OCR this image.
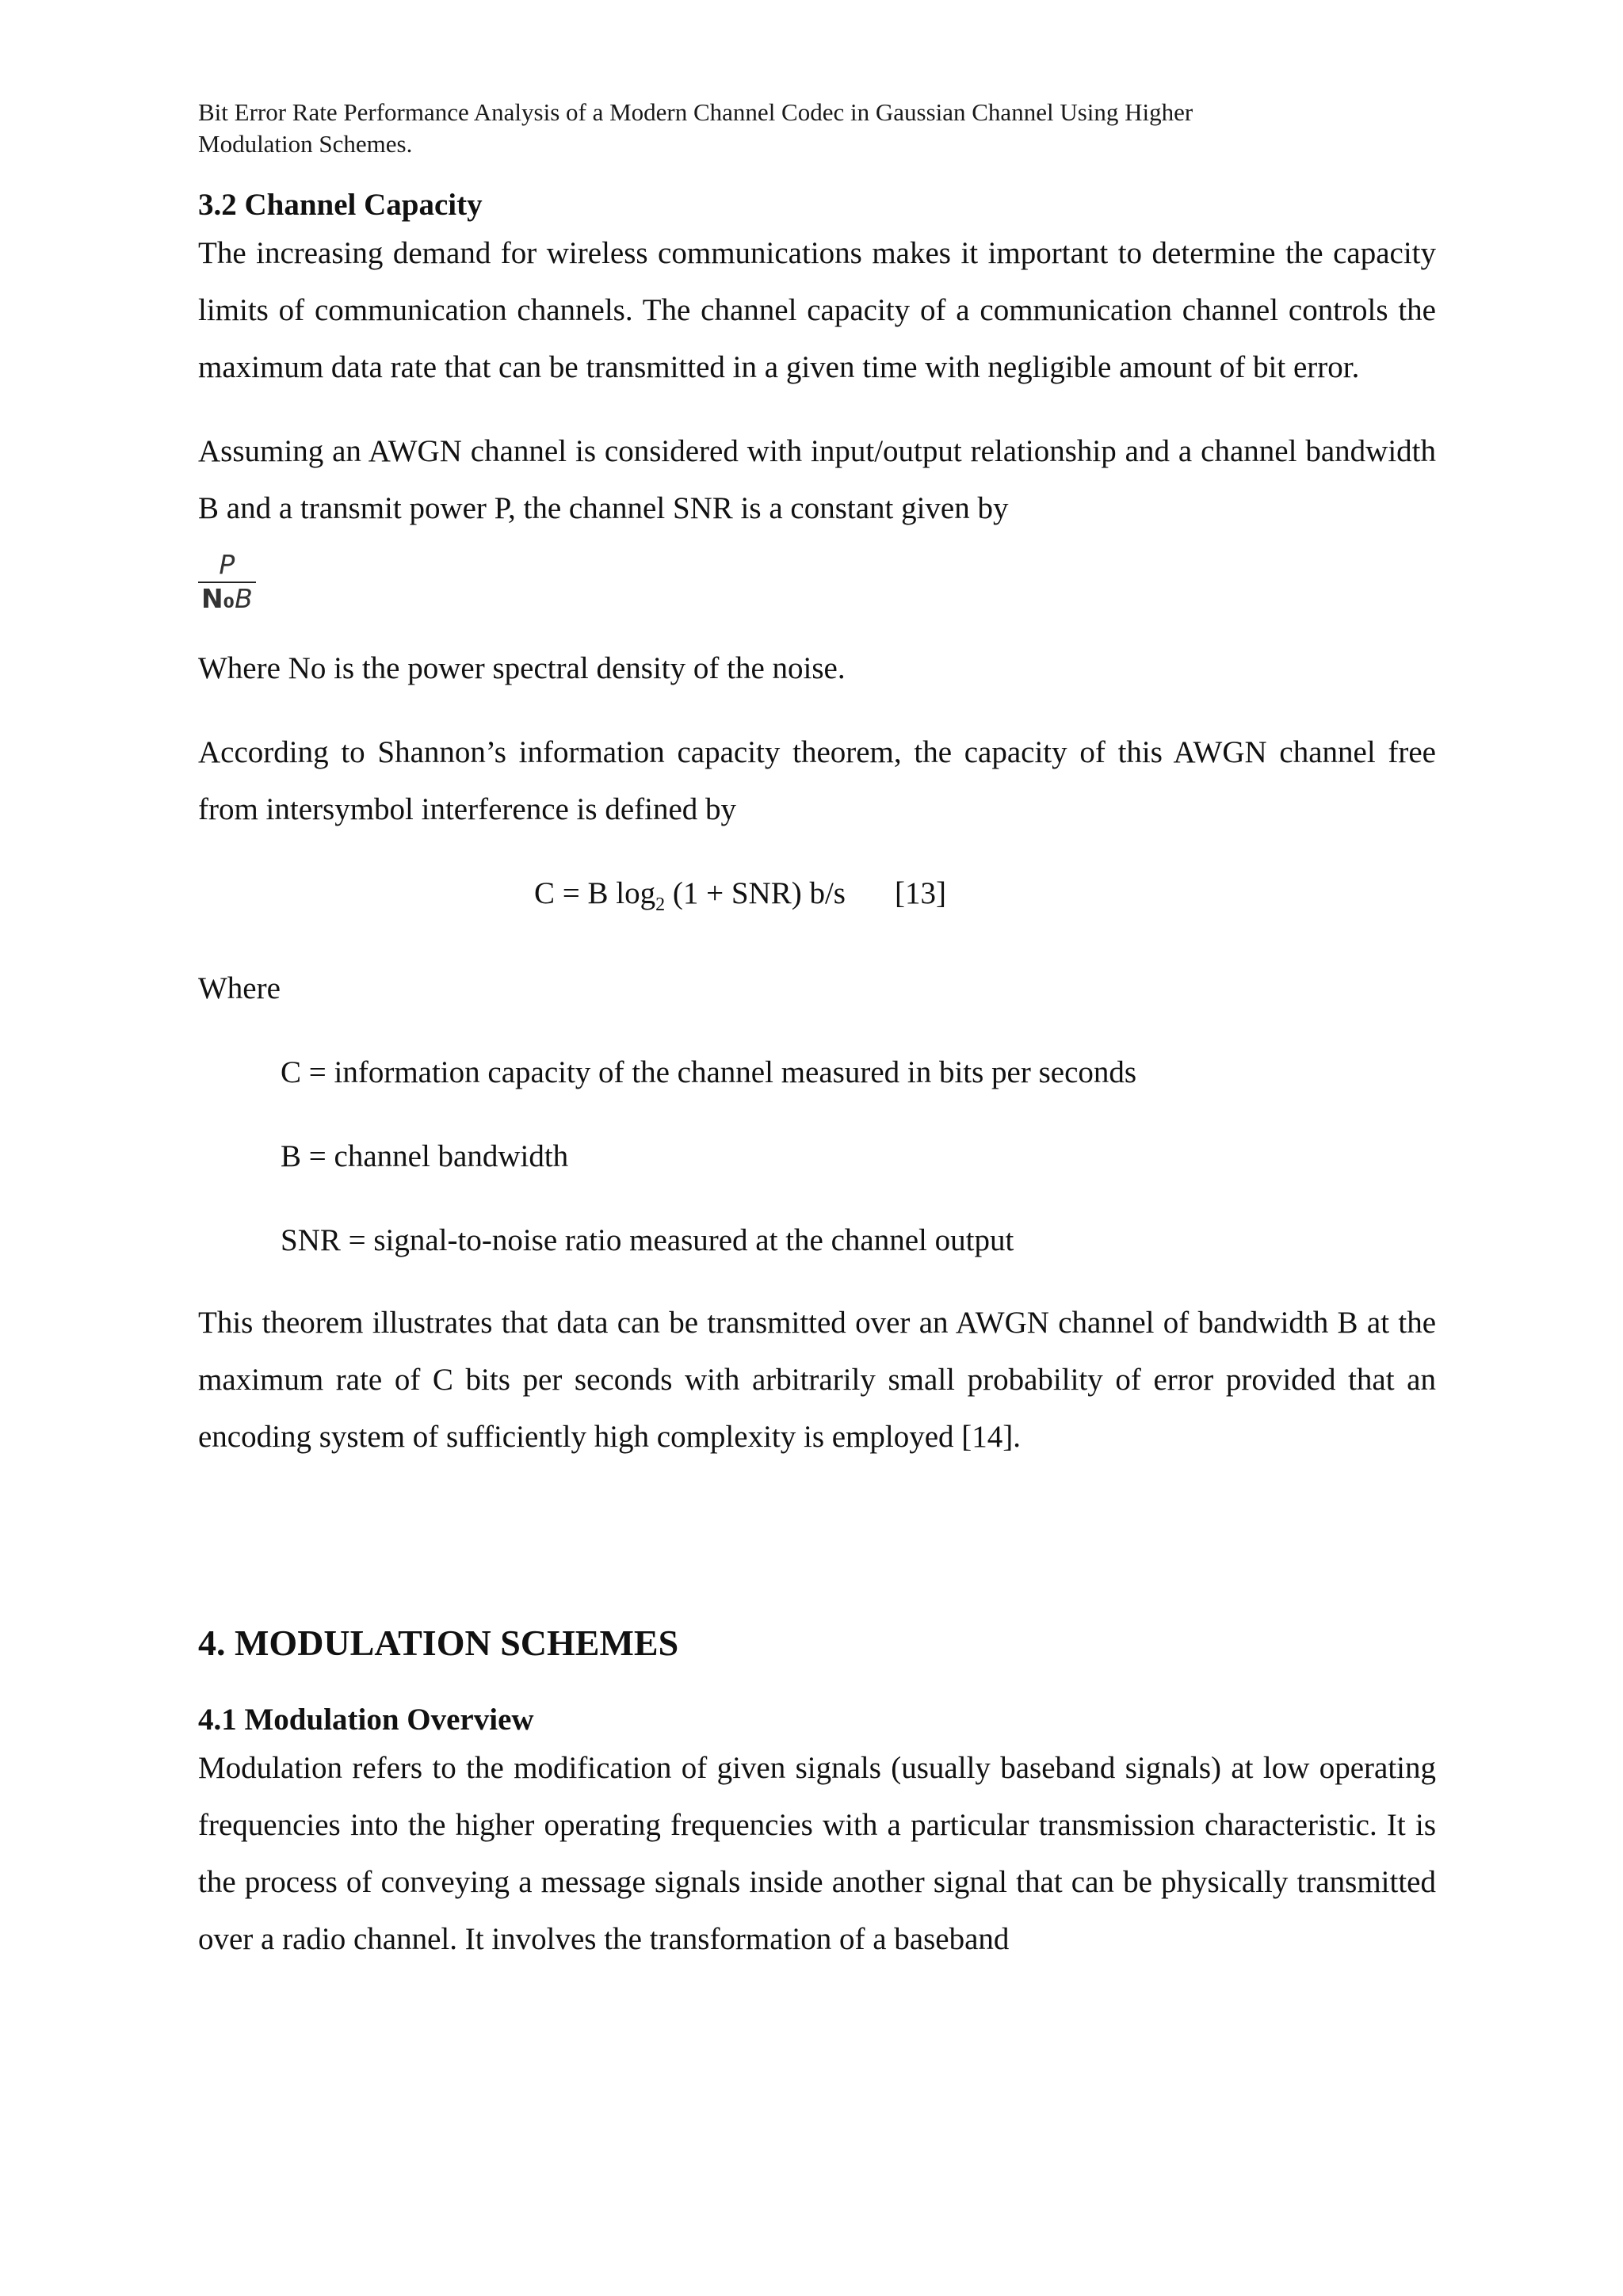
Bit Error Rate Performance Analysis of a Modern Channel Codec in Gaussian Channel Using Higher
Modulation Schemes.
3.2 Channel Capacity

The increasing demand for wireless communications makes it important to determine the capacity limits of communication channels. The channel capacity of a communication channel controls the maximum data rate that can be transmitted in a given time with negligible amount of bit error.

Assuming an AWGN channel is considered with input/output relationship and a channel bandwidth B and a transmit power P, the channel SNR is a constant given by

$\frac{P}{\text{N₀B}}$

Where No is the power spectral density of the noise.

According to Shannon’s information capacity theorem, the capacity of this AWGN channel free from intersymbol interference is defined by

C = B $\log_2 (1 + SNR)$ b/s [13]

Where

C = information capacity of the channel measured in bits per seconds
B = channel bandwidth
SNR = signal-to-noise ratio measured at the channel output

This theorem illustrates that data can be transmitted over an AWGN channel of bandwidth B at the maximum rate of C bits per seconds with arbitrarily small probability of error provided that an encoding system of sufficiently high complexity is employed [14].

4. MODULATION SCHEMES
4.1 Modulation Overview

Modulation refers to the modification of given signals (usually baseband signals) at low operating frequencies into the higher operating frequencies with a particular transmission characteristic. It is the process of conveying a message signals inside another signal that can be physically transmitted over a radio channel. It involves the transformation of a baseband
